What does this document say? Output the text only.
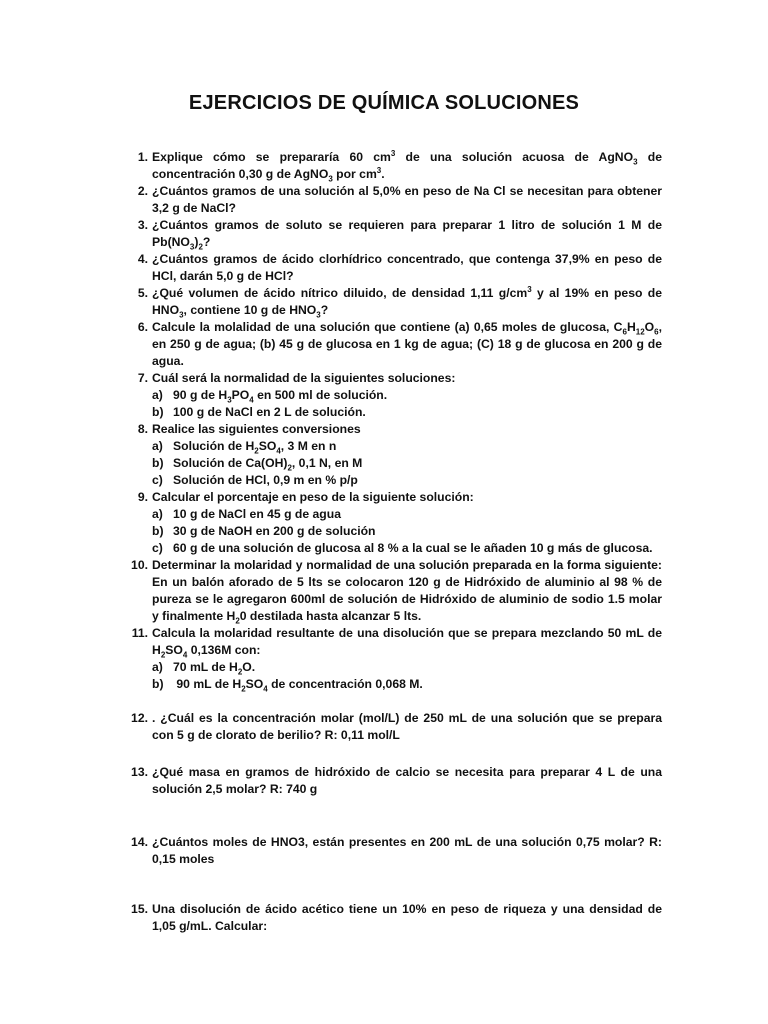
EJERCICIOS DE QUÍMICA SOLUCIONES
1. Explique cómo se prepararía 60 $cm^3$ de una solución acuosa de AgNO$_3$ de concentración 0,30 g de AgNO$_3$ por $cm^3$.
2. ¿Cuántos gramos de una solución al 5,0% en peso de Na Cl se necesitan para obtener 3,2 g de NaCl?
3. ¿Cuántos gramos de soluto se requieren para preparar 1 litro de solución 1 M de $Pb(NO_3)_2$?
4. ¿Cuántos gramos de ácido clorhídrico concentrado, que contenga 37,9% en peso de HCl, darán 5,0 g de HCl?
5. ¿Qué volumen de ácido nítrico diluido, de densidad 1,11 $g/cm^3$ y al 19% en peso de $HNO_3$, contiene 10 g de $HNO_3$?
6. Calcule la molalidad de una solución que contiene (a) 0,65 moles de glucosa, $C_6H_{12}O_6$, en 250 g de agua; (b) 45 g de glucosa en 1 kg de agua; (C) 18 g de glucosa en 200 g de agua.
7. Cuál será la normalidad de la siguientes soluciones:
a) 90 g de $H_3PO_4$ en 500 ml de solución.
b) 100 g de NaCl en 2 L de solución.
8. Realice las siguientes conversiones
a) Solución de $H_2SO_4$, 3 M en n
b) Solución de $Ca(OH)_2$, 0,1 N, en M
c) Solución de HCl, 0,9 m en % p/p
9. Calcular el porcentaje en peso de la siguiente solución:
a) 10 g de NaCl en 45 g de agua
b) 30 g de NaOH en 200 g de solución
c) 60 g de una solución de glucosa al 8 % a la cual se le añaden 10 g más de glucosa.
10. Determinar la molaridad y normalidad de una solución preparada en la forma siguiente: En un balón aforado de 5 lts se colocaron 120 g de Hidróxido de aluminio al 98 % de pureza se le agregaron 600ml de solución de Hidróxido de aluminio de sodio 1.5 molar y finalmente $H_20$ destilada hasta alcanzar 5 lts.
11. Calcula la molaridad resultante de una disolución que se prepara mezclando 50 mL de $H_2SO_4$ 0,136M con:
a) 70 mL de $H_2O$.
b) 90 mL de $H_2SO_4$ de concentración 0,068 M.
12. . ¿Cuál es la concentración molar (mol/L) de 250 mL de una solución que se prepara con 5 g de clorato de berilio? R: 0,11 mol/L
13. ¿Qué masa en gramos de hidróxido de calcio se necesita para preparar 4 L de una solución 2,5 molar? R: 740 g
14. ¿Cuántos moles de HNO3, están presentes en 200 mL de una solución 0,75 molar? R: 0,15 moles
15. Una disolución de ácido acético tiene un 10% en peso de riqueza y una densidad de 1,05 g/mL. Calcular:
